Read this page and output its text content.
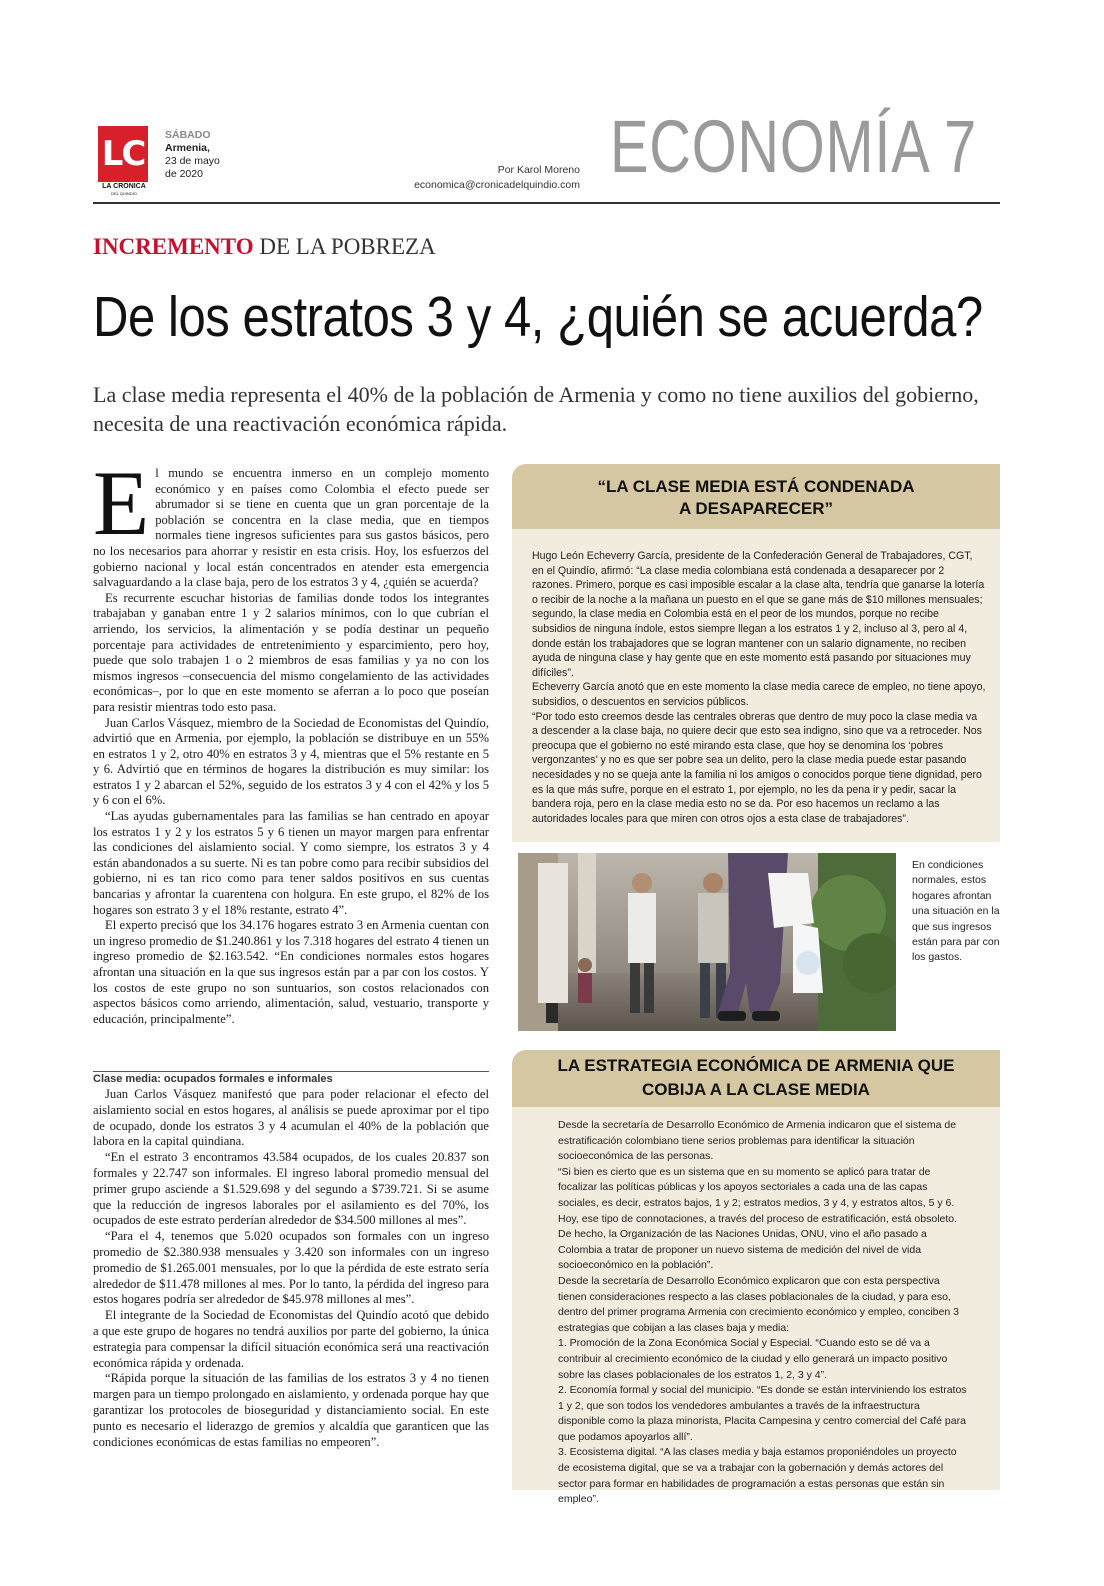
LC
LA CRÓNICA
DEL QUINDÍO
SÁBADO
Armenia,
23 de mayo
de 2020	Por Karol Moreno
economica@cronicadelquindio.com ECONOMÍA 7
INCREMENTO DE LA POBREZA
De los estratos 3 y 4, ¿quién se acuerda?
La clase media representa el 40% de la población de Armenia y como no tiene auxilios del gobierno, necesita de una reactivación económica rápida.

El mundo se encuentra inmerso en un complejo momento económico y en países como Colombia el efecto puede ser abrumador si se tiene en cuenta que un gran porcentaje de la población se concentra en la clase media, que en tiempos normales tiene ingresos suficientes para sus gastos básicos, pero no los necesarios para ahorrar y resistir en esta crisis. Hoy, los esfuerzos del gobierno nacional y local están concentrados en atender esta emergencia salvaguardando a la clase baja, pero de los estratos 3 y 4, ¿quién se acuerda?

Es recurrente escuchar historias de familias donde todos los integrantes trabajaban y ganaban entre 1 y 2 salarios mínimos, con lo que cubrían el arriendo, los servicios, la alimentación y se podía destinar un pequeño porcentaje para actividades de entretenimiento y esparcimiento, pero hoy, puede que solo trabajen 1 o 2 miembros de esas familias y ya no con los mismos ingresos –consecuencia del mismo congelamiento de las actividades económicas–, por lo que en este momento se aferran a lo poco que poseían para resistir mientras todo esto pasa.

Juan Carlos Vásquez, miembro de la Sociedad de Economistas del Quindío, advirtió que en Armenia, por ejemplo, la población se distribuye en un 55% en estratos 1 y 2, otro 40% en estratos 3 y 4, mientras que el 5% restante en 5 y 6. Advirtió que en términos de hogares la distribución es muy similar: los estratos 1 y 2 abarcan el 52%, seguido de los estratos 3 y 4 con el 42% y los 5 y 6 con el 6%.

“Las ayudas gubernamentales para las familias se han centrado en apoyar los estratos 1 y 2 y los estratos 5 y 6 tienen un mayor margen para enfrentar las condiciones del aislamiento social. Y como siempre, los estratos 3 y 4 están abandonados a su suerte. Ni es tan pobre como para recibir subsidios del gobierno, ni es tan rico como para tener saldos positivos en sus cuentas bancarias y afrontar la cuarentena con holgura. En este grupo, el 82% de los hogares son estrato 3 y el 18% restante, estrato 4”.

El experto precisó que los 34.176 hogares estrato 3 en Armenia cuentan con un ingreso promedio de $1.240.861 y los 7.318 hogares del estrato 4 tienen un ingreso promedio de $2.163.542. “En condiciones normales estos hogares afrontan una situación en la que sus ingresos están par a par con los costos. Y los costos de este grupo no son suntuarios, son costos relacionados con aspectos básicos como arriendo, alimentación, salud, vestuario, transporte y educación, principalmente”.

Clase media: ocupados formales e informales

Juan Carlos Vásquez manifestó que para poder relacionar el efecto del aislamiento social en estos hogares, al análisis se puede aproximar por el tipo de ocupado, donde los estratos 3 y 4 acumulan el 40% de la población que labora en la capital quindiana.

“En el estrato 3 encontramos 43.584 ocupados, de los cuales 20.837 son formales y 22.747 son informales. El ingreso laboral promedio mensual del primer grupo asciende a $1.529.698 y del segundo a $739.721. Si se asume que la reducción de ingresos laborales por el asilamiento es del 70%, los ocupados de este estrato perderían alrededor de $34.500 millones al mes”.

“Para el 4, tenemos que 5.020 ocupados son formales con un ingreso promedio de $2.380.938 mensuales y 3.420 son informales con un ingreso promedio de $1.265.001 mensuales, por lo que la pérdida de este estrato sería alrededor de $11.478 millones al mes. Por lo tanto, la pérdida del ingreso para estos hogares podría ser alrededor de $45.978 millones al mes”.

El integrante de la Sociedad de Economistas del Quindío acotó que debido a que este grupo de hogares no tendrá auxilios por parte del gobierno, la única estrategia para compensar la difícil situación económica será una reactivación económica rápida y ordenada.

“Rápida porque la situación de las familias de los estratos 3 y 4 no tienen margen para un tiempo prolongado en aislamiento, y ordenada porque hay que garantizar los protocoles de bioseguridad y distanciamiento social. En este punto es necesario el liderazgo de gremios y alcaldía que garanticen que las condiciones económicas de estas familias no empeoren”.

“LA CLASE MEDIA ESTÁ CONDENADA
A DESAPARECER”

Hugo León Echeverry García, presidente de la Confederación General de Trabajadores, CGT, en el Quindío, afirmó: “La clase media colombiana está condenada a desaparecer por 2 razones. Primero, porque es casi imposible escalar a la clase alta, tendría que ganarse la lotería o recibir de la noche a la mañana un puesto en el que se gane más de $10 millones mensuales; segundo, la clase media en Colombia está en el peor de los mundos, porque no recibe subsidios de ninguna índole, estos siempre llegan a los estratos 1 y 2, incluso al 3, pero al 4, donde están los trabajadores que se logran mantener con un salario dignamente, no reciben ayuda de ninguna clase y hay gente que en este momento está pasando por situaciones muy difíciles”.

Echeverry García anotó que en este momento la clase media carece de empleo, no tiene apoyo, subsidios, o descuentos en servicios públicos.

“Por todo esto creemos desde las centrales obreras que dentro de muy poco la clase media va a descender a la clase baja, no quiere decir que esto sea indigno, sino que va a retroceder. Nos preocupa que el gobierno no esté mirando esta clase, que hoy se denomina los ‘pobres vergonzantes’ y no es que ser pobre sea un delito, pero la clase media puede estar pasando necesidades y no se queja ante la familia ni los amigos o conocidos porque tiene dignidad, pero es la que más sufre, porque en el estrato 1, por ejemplo, no les da pena ir y pedir, sacar la bandera roja, pero en la clase media esto no se da. Por eso hacemos un reclamo a las autoridades locales para que miren con otros ojos a esta clase de trabajadores”.

En condiciones normales, estos hogares afrontan una situación en la que sus ingresos están para par con los gastos.
LA ESTRATEGIA ECONÓMICA DE ARMENIA QUE
COBIJA A LA CLASE MEDIA

Desde la secretaría de Desarrollo Económico de Armenia indicaron que el sistema de estratificación colombiano tiene serios problemas para identificar la situación socioeconómica de las personas.

“Si bien es cierto que es un sistema que en su momento se aplicó para tratar de focalizar las políticas públicas y los apoyos sectoriales a cada una de las capas sociales, es decir, estratos bajos, 1 y 2; estratos medios, 3 y 4, y estratos altos, 5 y 6. Hoy, ese tipo de connotaciones, a través del proceso de estratificación, está obsoleto. De hecho, la Organización de las Naciones Unidas, ONU, vino el año pasado a Colombia a tratar de proponer un nuevo sistema de medición del nivel de vida socioeconómico en la población”.

Desde la secretaría de Desarrollo Económico explicaron que con esta perspectiva tienen consideraciones respecto a las clases poblacionales de la ciudad, y para eso, dentro del primer programa Armenia con crecimiento económico y empleo, conciben 3 estrategias que cobijan a las clases baja y media:

1. Promoción de la Zona Económica Social y Especial. “Cuando esto se dé va a contribuir al crecimiento económico de la ciudad y ello generará un impacto positivo sobre las clases poblacionales de los estratos 1, 2, 3 y 4”.

2. Economía formal y social del municipio. “Es donde se están interviniendo los estratos 1 y 2, que son todos los vendedores ambulantes a través de la infraestructura disponible como la plaza minorista, Placita Campesina y centro comercial del Café para que podamos apoyarlos allí”.

3. Ecosistema digital. “A las clases media y baja estamos proponiéndoles un proyecto de ecosistema digital, que se va a trabajar con la gobernación y demás actores del sector para formar en habilidades de programación a estas personas que están sin empleo”.
